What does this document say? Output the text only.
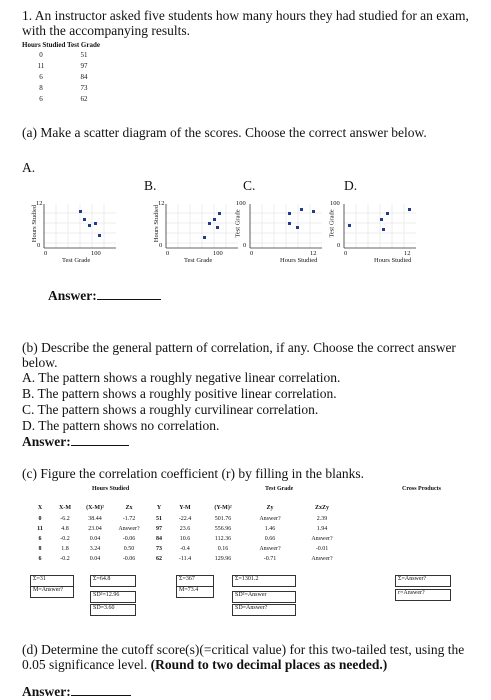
1. An instructor asked five students how many hours they had studied for an exam, with the accompanying results.
Hours Studied Test Grade
0	51
11	97
6	84
8	73
6	62
(a) Make a scatter diagram of the scores. Choose the correct answer below.
A.
B.	C.	D.
12
0
0	100
Test Grade
Hours Studied
12
0
0	100
Test Grade
Hours Studied
100
0
0	12
Hours Studied
Test Grade
100
0
0	12
Hours Studied
Test Grade
Answer:
(b) Describe the general pattern of correlation, if any. Choose the correct answer below.
A. The pattern shows a roughly negative linear correlation.
B. The pattern shows a roughly positive linear correlation.
C. The pattern shows a roughly curvilinear correlation.
D. The pattern shows no correlation.
Answer:
(c) Figure the correlation coefficient (r) by filling in the blanks.
Hours Studied	Test Grade	Cross Products
X	X-M	(X-M)²	Zx	Y	Y-M	(Y-M)²	Zy	ZxZy
0	-6.2	38.44	-1.72	51	-22.4	501.76	Answer?	2.39
11	4.8	23.04	Answer?	97	23.6	556.96	1.46	1.94
6	-0.2	0.04	-0.06	84	10.6	112.36	0.66	Answer?
8	1.8	3.24	0.50	73	-0.4	0.16	Answer?	-0.01
6	-0.2	0.04	-0.06	62	-11.4	129.96	-0.71	Answer?
Σ=31
M=Answer?
Σ=64.8
SD²=12.96
SD=3.60
Σ=367
M=73.4
Σ=1301.2
SD²=Answer
SD=Answer?
Σ=Answer?
r=Answer?
(d) Determine the cutoff score(s)(=critical value) for this two-tailed test, using the 0.05 significance level. (Round to two decimal places as needed.)
Answer:
